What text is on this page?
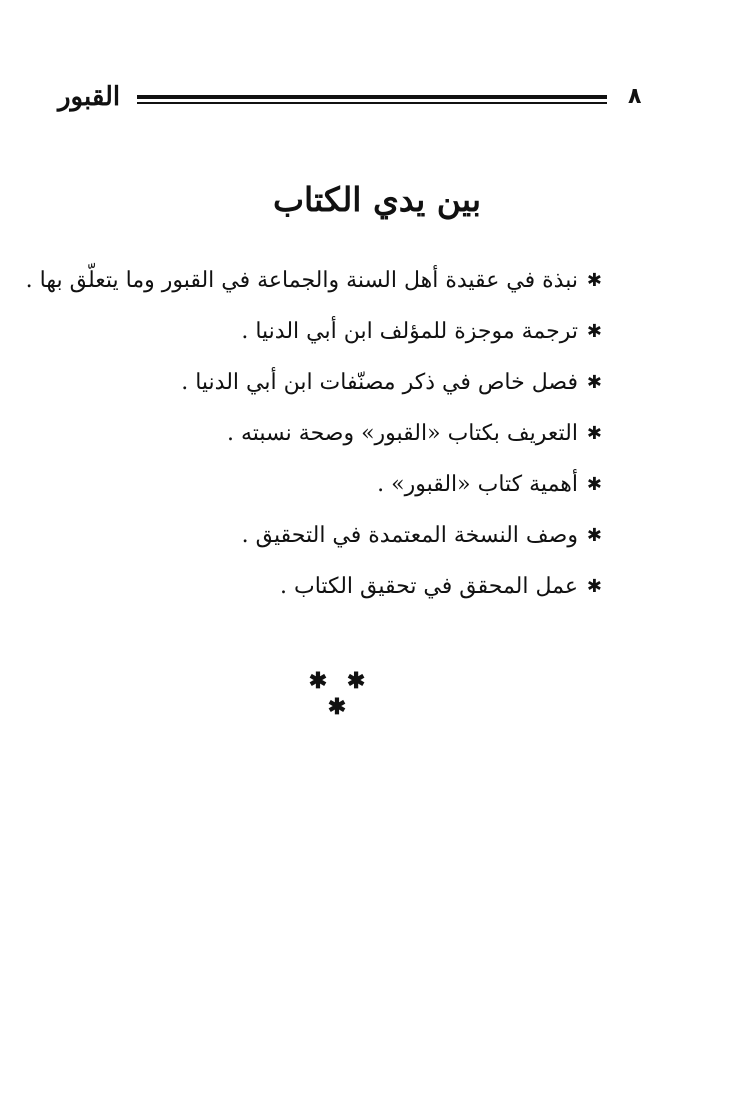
٨
القبور
بين يدي الكتاب
✱
نبذة في عقيدة أهل السنة والجماعة في القبور وما يتعلّق بها .
✱
ترجمة موجزة للمؤلف ابن أبي الدنيا .
✱
فصل خاص في ذكر مصنّفات ابن أبي الدنيا .
✱
التعريف بكتاب «القبور» وصحة نسبته .
✱
أهمية كتاب «القبور» .
✱
وصف النسخة المعتمدة في التحقيق .
✱
عمل المحقق في تحقيق الكتاب .
✱ ✱ ✱
